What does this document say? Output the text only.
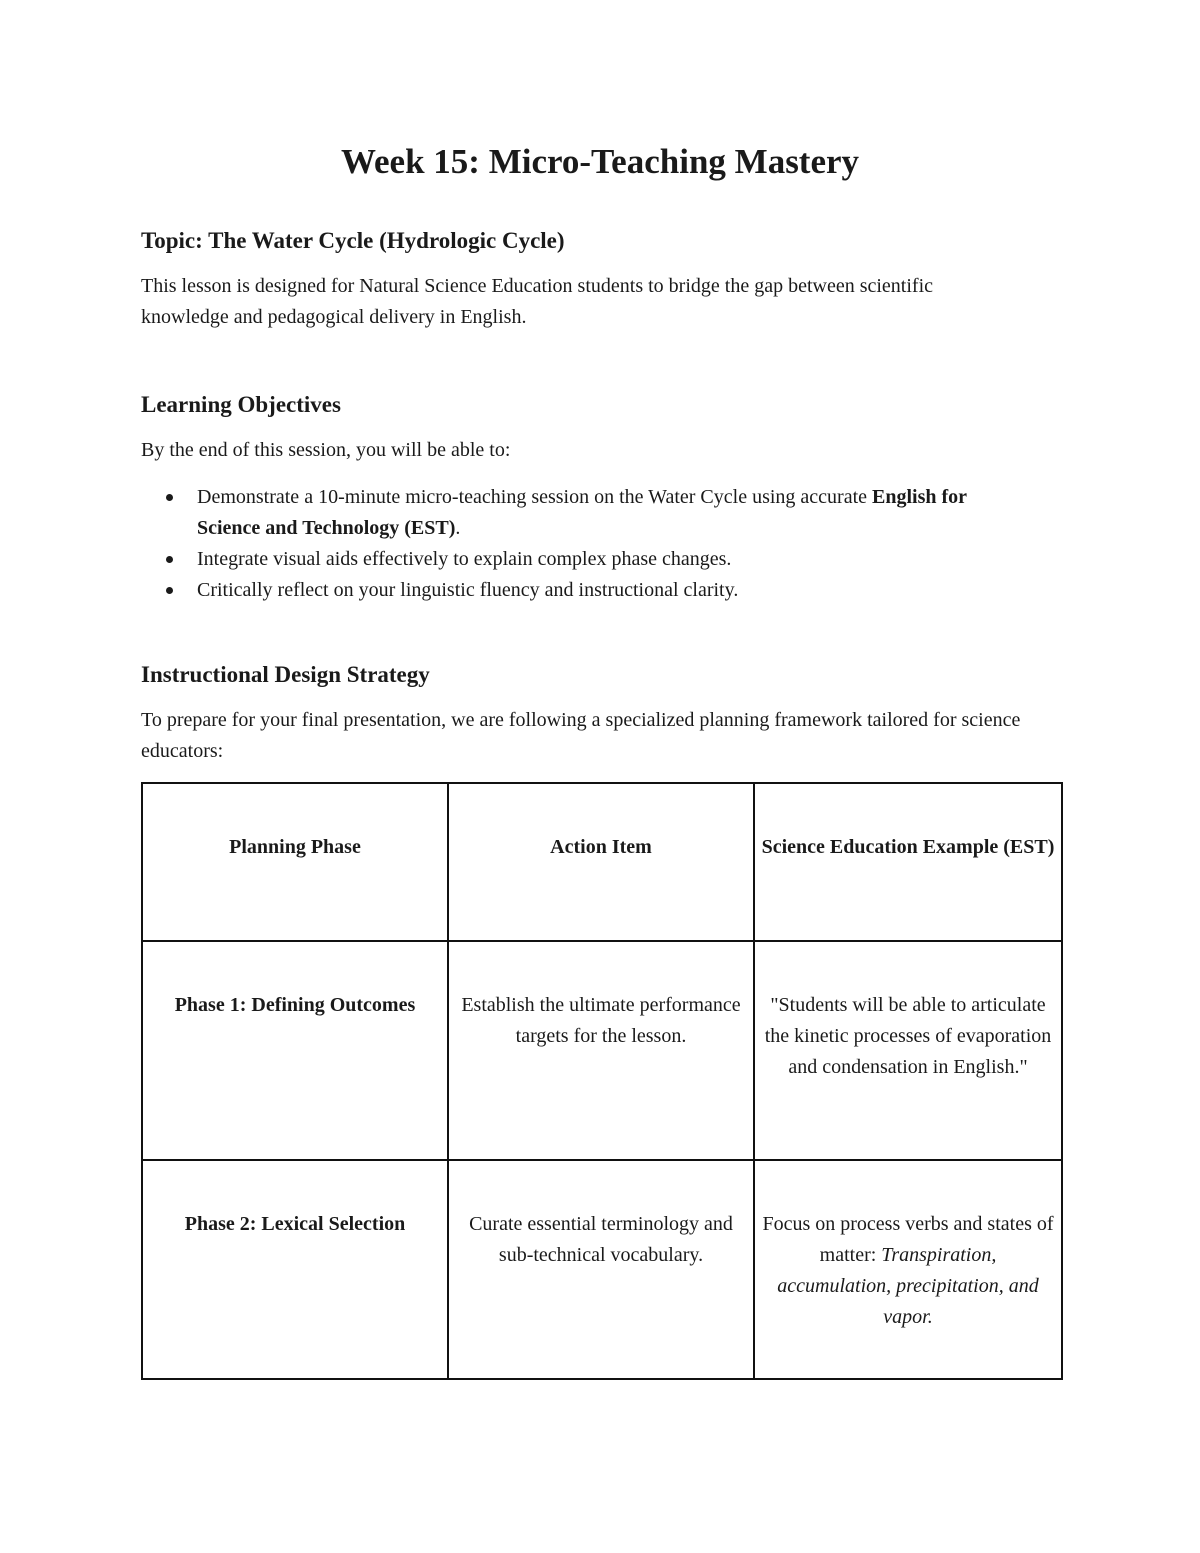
Week 15: Micro-Teaching Mastery
Topic: The Water Cycle (Hydrologic Cycle)
This lesson is designed for Natural Science Education students to bridge the gap between scientific knowledge and pedagogical delivery in English.
Learning Objectives
By the end of this session, you will be able to:
Demonstrate a 10-minute micro-teaching session on the Water Cycle using accurate English for Science and Technology (EST).
Integrate visual aids effectively to explain complex phase changes.
Critically reflect on your linguistic fluency and instructional clarity.
Instructional Design Strategy
To prepare for your final presentation, we are following a specialized planning framework tailored for science educators:
Planning Phase	Action Item	Science Education Example (EST)
Phase 1: Defining Outcomes	Establish the ultimate performance targets for the lesson.	"Students will be able to articulate the kinetic processes of evaporation and condensation in English."
Phase 2: Lexical Selection	Curate essential terminology and sub-technical vocabulary.	Focus on process verbs and states of matter: Transpiration, accumulation, precipitation, and vapor.
